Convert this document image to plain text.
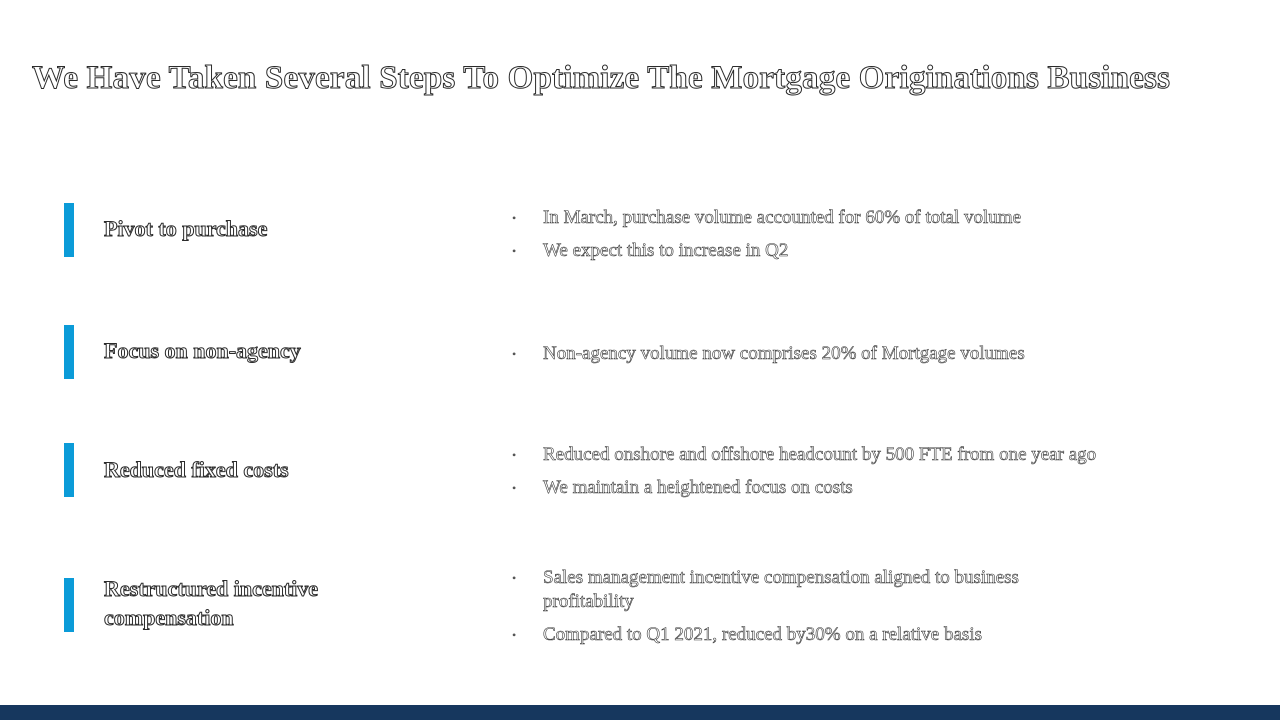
We Have Taken Several Steps To Optimize The Mortgage Originations Business
Pivot to purchase	• In March, purchase volume accounted for 60% of total volume
• We expect this to increase in Q2
Focus on non-agency	• Non-agency volume now comprises 20% of Mortgage volumes
Reduced fixed costs
• Reduced onshore and offshore headcount by 500 FTE from one year ago
• We maintain a heightened focus on costs
Restructured incentive compensation
• Sales management incentive compensation aligned to business profitability
• Compared to Q1 2021, reduced by30% on a relative basis
